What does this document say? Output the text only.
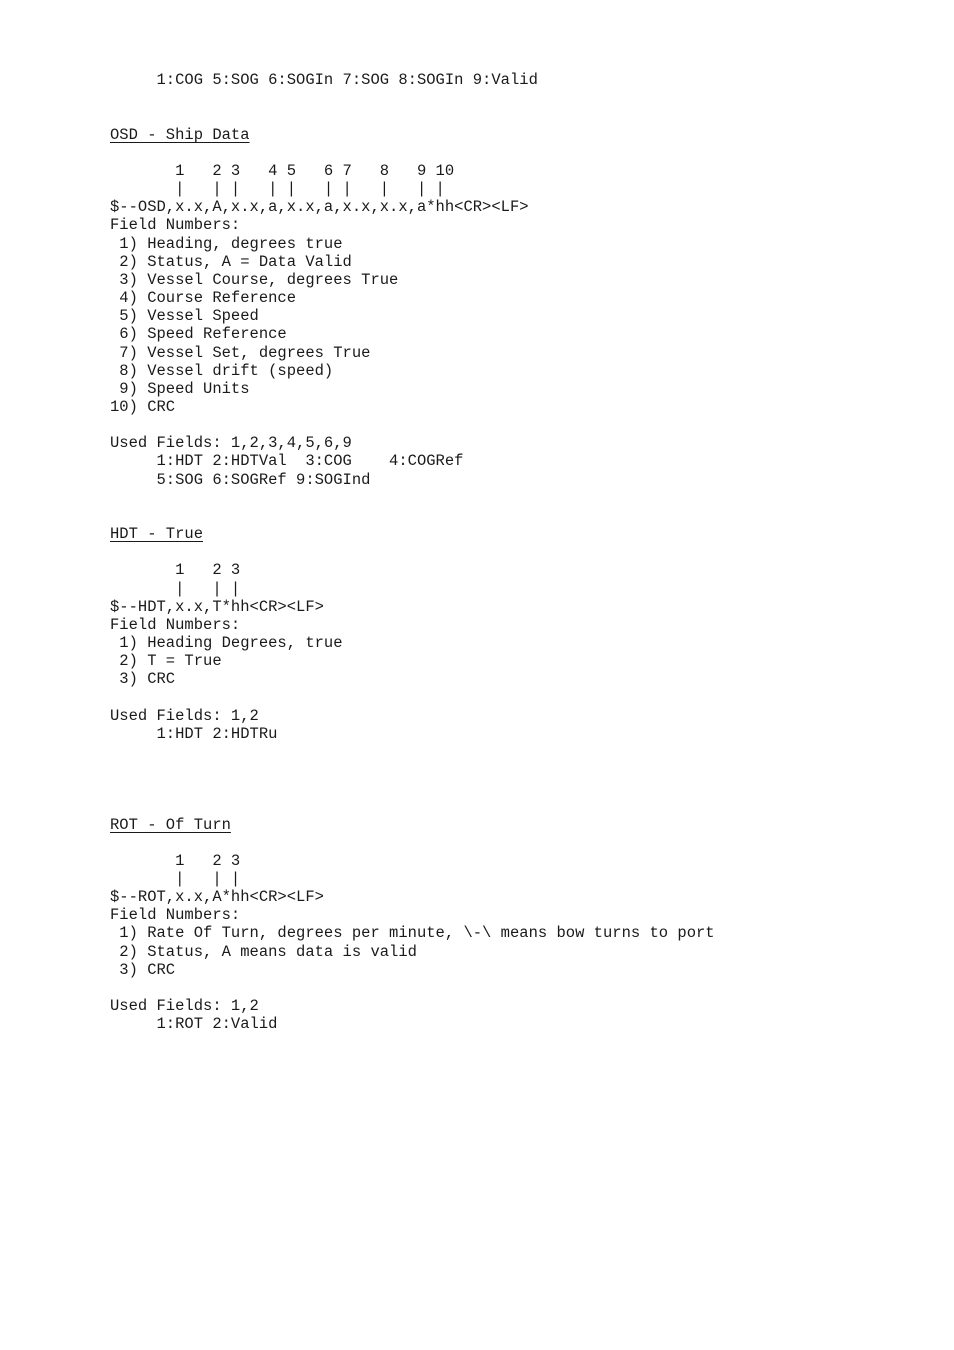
1:COG 5:SOG 6:SOGIn 7:SOG 8:SOGIn 9:Valid
OSD - Ship Data
1   2 3   4 5   6 7   8   9 10
|   | |   | |   | |   |   | |
$--OSD,x.x,A,x.x,a,x.x,a,x.x,x.x,a*hh<CR><LF>
Field Numbers:
1) Heading, degrees true
2) Status, A = Data Valid
3) Vessel Course, degrees True
4) Course Reference
5) Vessel Speed
6) Speed Reference
7) Vessel Set, degrees True
8) Vessel drift (speed)
9) Speed Units
10) CRC
Used Fields: 1,2,3,4,5,6,9
1:HDT 2:HDTVal  3:COG    4:COGRef
5:SOG 6:SOGRef 9:SOGInd
HDT - True
1   2 3
|   | |
$--HDT,x.x,T*hh<CR><LF>
Field Numbers:
1) Heading Degrees, true
2) T = True
3) CRC
Used Fields: 1,2
1:HDT 2:HDTRu
ROT - Of Turn
1   2 3
|   | |
$--ROT,x.x,A*hh<CR><LF>
Field Numbers:
1) Rate Of Turn, degrees per minute, \-\ means bow turns to port
2) Status, A means data is valid
3) CRC
Used Fields: 1,2
1:ROT 2:Valid
